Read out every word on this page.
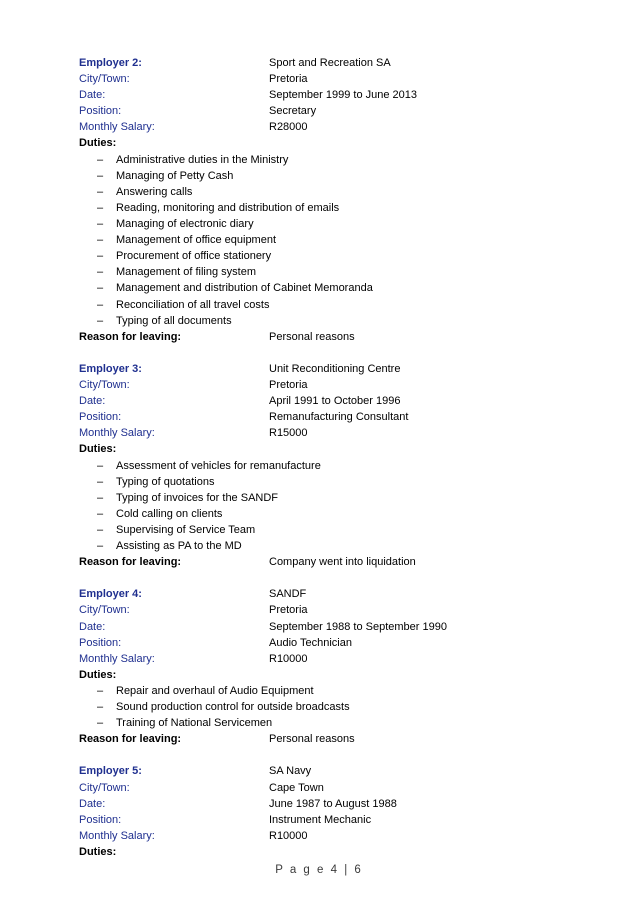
Employer 2:	Sport and Recreation SA
City/Town:	Pretoria
Date:	September 1999 to June 2013
Position:	Secretary
Monthly Salary:	R28000
Duties:
– Administrative duties in the Ministry
– Managing of Petty Cash
– Answering calls
– Reading, monitoring and distribution of emails
– Managing of electronic diary
– Management of office equipment
– Procurement of office stationery
– Management of filing system
– Management and distribution of Cabinet Memoranda
– Reconciliation of all travel costs
– Typing of all documents
Reason for leaving:	Personal reasons
Employer 3:	Unit Reconditioning Centre
City/Town:	Pretoria
Date:	April 1991 to October 1996
Position:	Remanufacturing Consultant
Monthly Salary:	R15000
Duties:
– Assessment of vehicles for remanufacture
– Typing of quotations
– Typing of invoices for the SANDF
– Cold calling on clients
– Supervising of Service Team
– Assisting as PA to the MD
Reason for leaving:	Company went into liquidation
Employer 4:	SANDF
City/Town:	Pretoria
Date:	September 1988 to September 1990
Position:	Audio Technician
Monthly Salary:	R10000
Duties:
– Repair and overhaul of Audio Equipment
– Sound production control for outside broadcasts
– Training of National Servicemen
Reason for leaving:	Personal reasons
Employer 5:	SA Navy
City/Town:	Cape Town
Date:	June 1987 to August 1988
Position:	Instrument Mechanic
Monthly Salary:	R10000
Duties:
P a g e 4 | 6
